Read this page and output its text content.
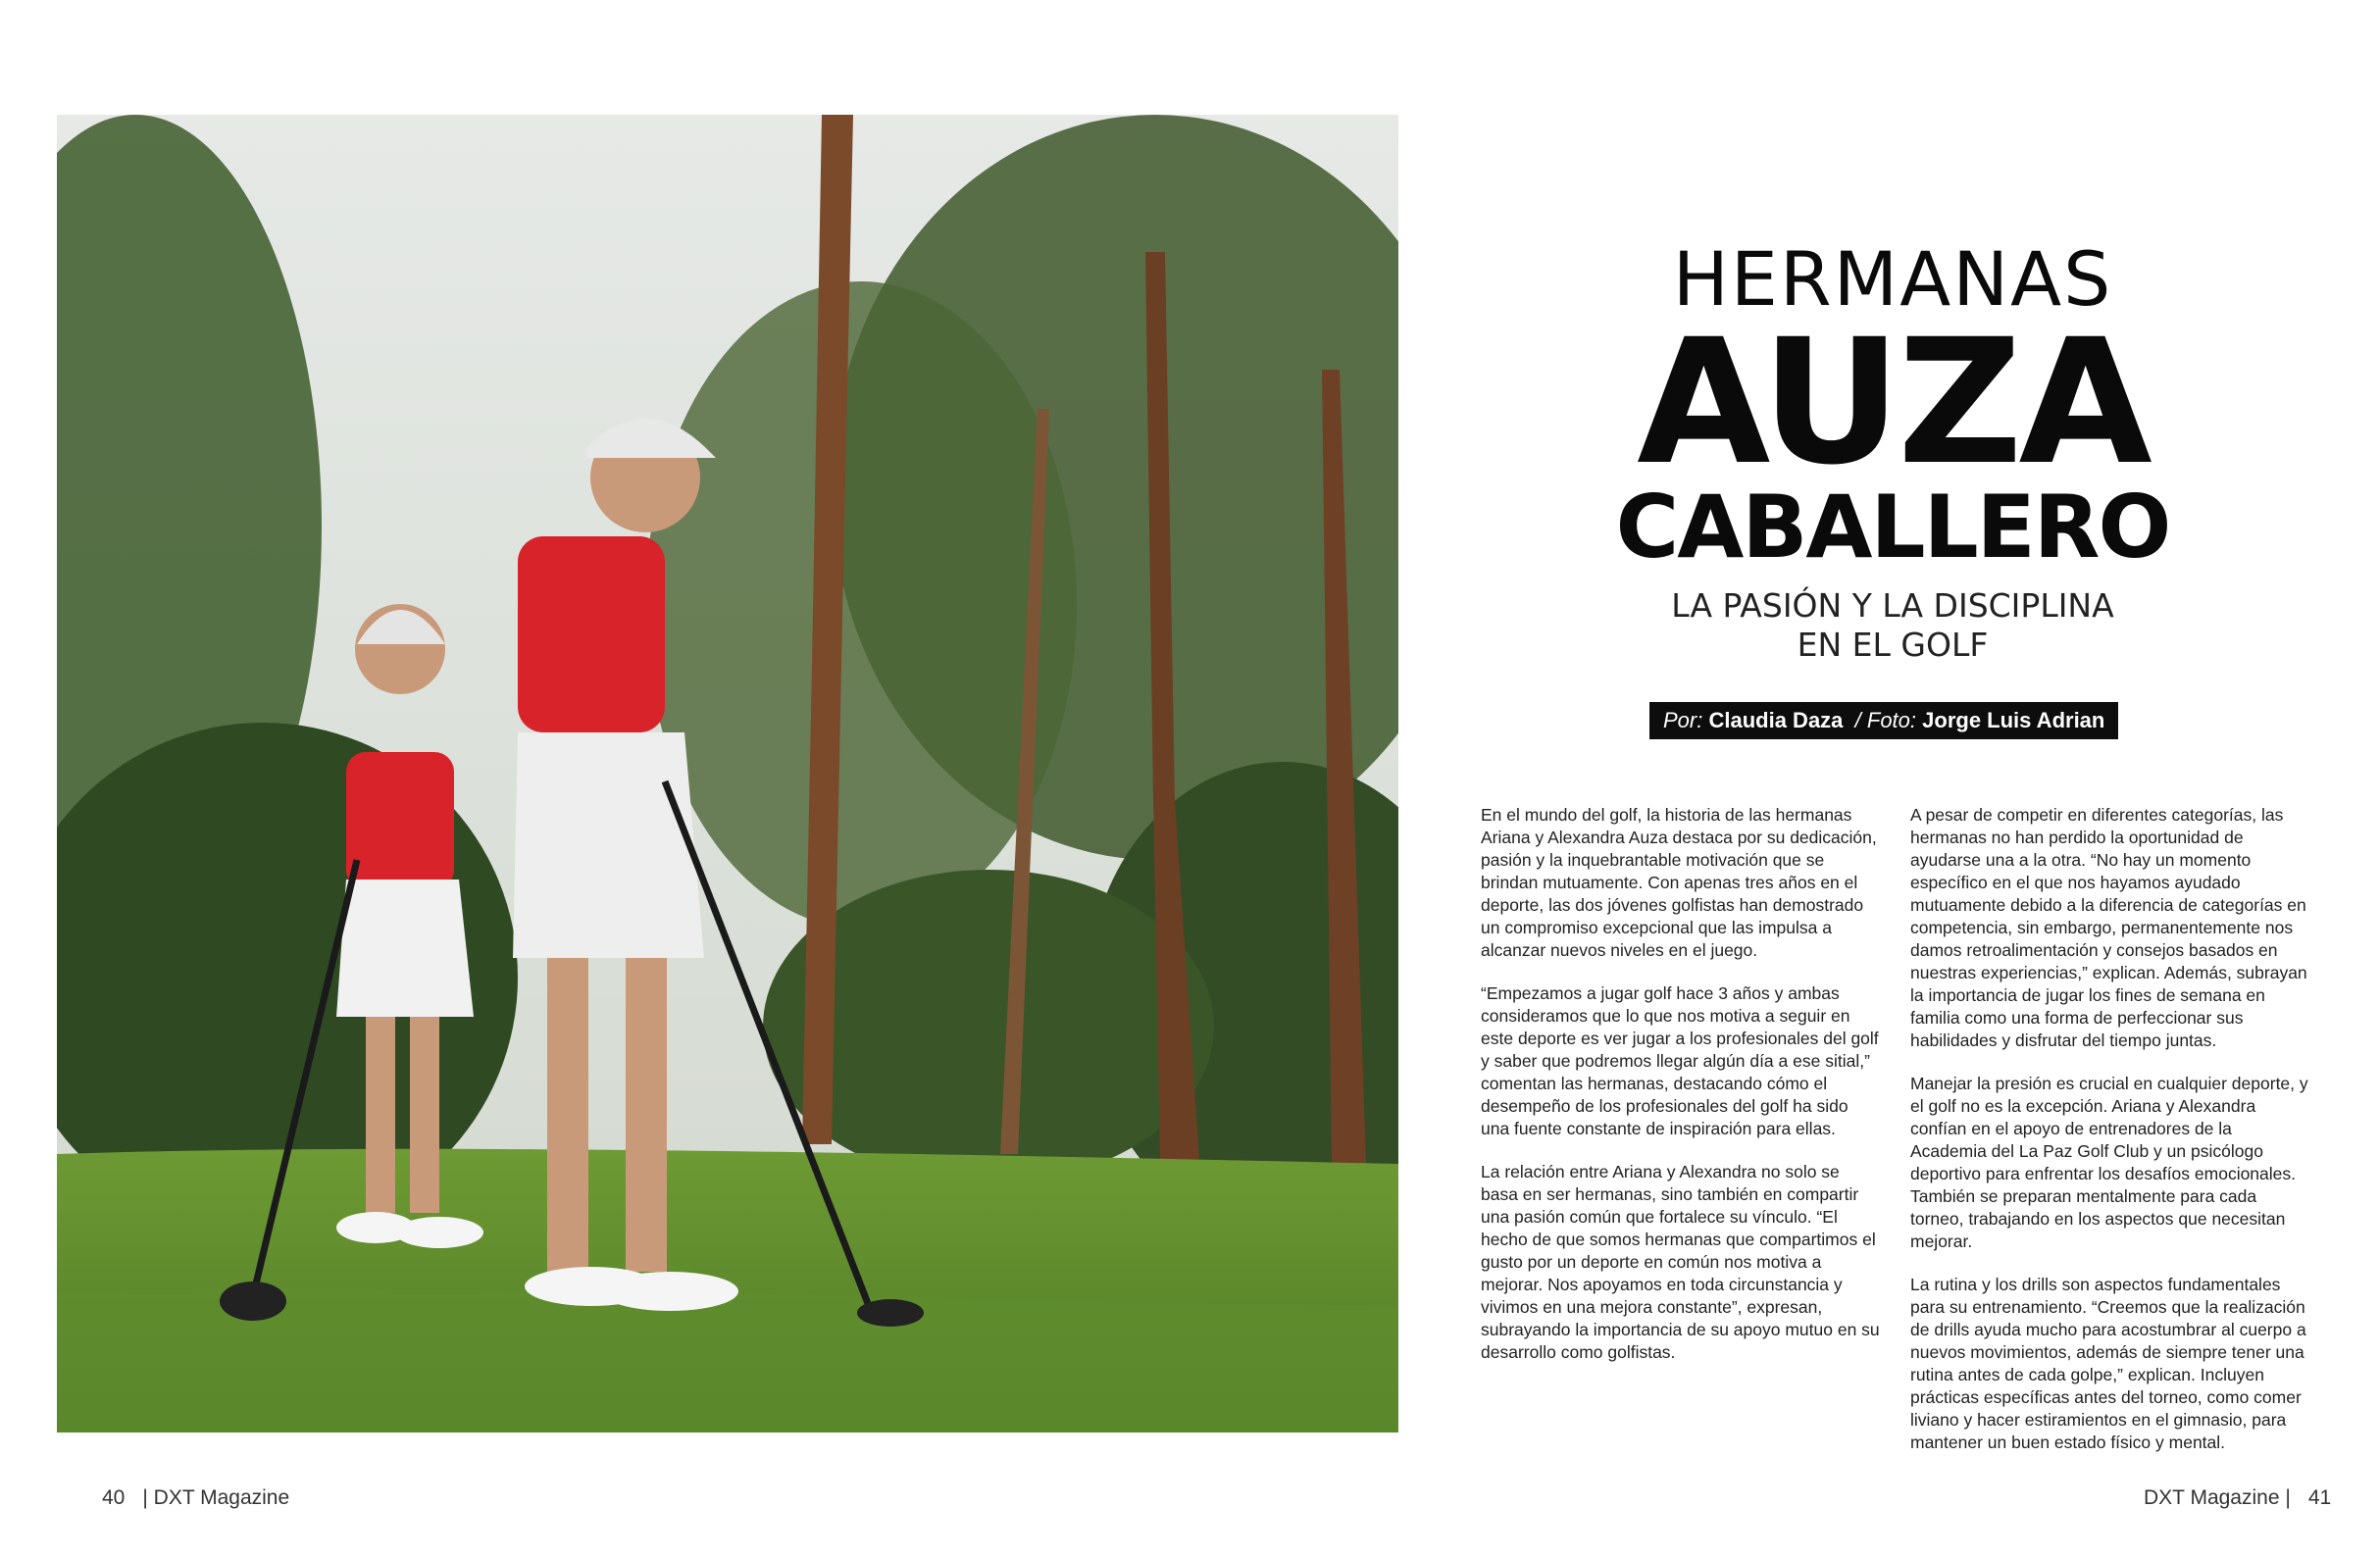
HERMANAS
AUZA
CABALLERO
LA PASIÓN Y LA DISCIPLINA
EN EL GOLF
Por: Claudia Daza / Foto: Jorge Luis Adrian

En el mundo del golf, la historia de las hermanas Ariana y Alexandra Auza destaca por su dedicación, pasión y la inquebrantable motivación que se brindan mutuamente. Con apenas tres años en el deporte, las dos jóvenes golfistas han demostrado un compromiso excepcional que las impulsa a alcanzar nuevos niveles en el juego.

“Empezamos a jugar golf hace 3 años y ambas consideramos que lo que nos motiva a seguir en este deporte es ver jugar a los profesionales del golf y saber que podremos llegar algún día a ese sitial,” comentan las hermanas, destacando cómo el desempeño de los profesionales del golf ha sido una fuente constante de inspiración para ellas.

La relación entre Ariana y Alexandra no solo se basa en ser hermanas, sino también en compartir una pasión común que fortalece su vínculo. “El hecho de que somos hermanas que compartimos el gusto por un deporte en común nos motiva a mejorar. Nos apoyamos en toda circunstancia y vivimos en una mejora constante”, expresan, subrayando la importancia de su apoyo mutuo en su desarrollo como golfistas.

A pesar de competir en diferentes categorías, las hermanas no han perdido la oportunidad de ayudarse una a la otra. “No hay un momento específico en el que nos hayamos ayudado mutuamente debido a la diferencia de categorías en competencia, sin embargo, permanentemente nos damos retroalimentación y consejos basados en nuestras experiencias,” explican. Además, subrayan la importancia de jugar los fines de semana en familia como una forma de perfeccionar sus habilidades y disfrutar del tiempo juntas.

Manejar la presión es crucial en cualquier deporte, y el golf no es la excepción. Ariana y Alexandra confían en el apoyo de entrenadores de la Academia del La Paz Golf Club y un psicólogo deportivo para enfrentar los desafíos emocionales. También se preparan mentalmente para cada torneo, trabajando en los aspectos que necesitan mejorar.

La rutina y los drills son aspectos fundamentales para su entrenamiento. “Creemos que la realización de drills ayuda mucho para acostumbrar al cuerpo a nuevos movimientos, además de siempre tener una rutina antes de cada golpe,” explican. Incluyen prácticas específicas antes del torneo, como comer liviano y hacer estiramientos en el gimnasio, para mantener un buen estado físico y mental.

40 | DXT Magazine	DXT Magazine | 41
